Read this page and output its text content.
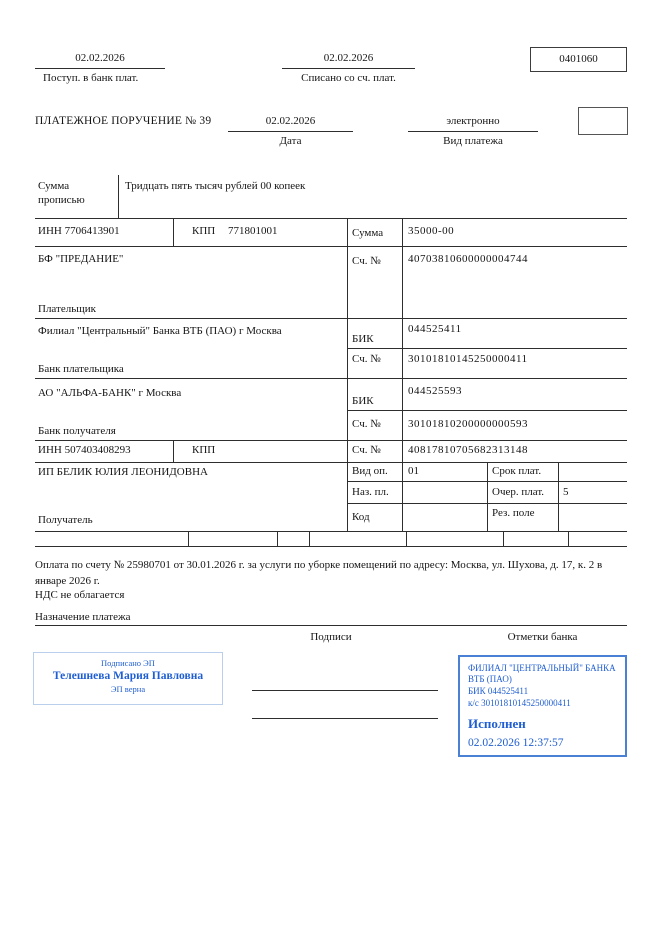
02.02.2026
Поступ. в банк плат.
02.02.2026
Списано со сч. плат.
0401060
ПЛАТЕЖНОЕ ПОРУЧЕНИЕ № 39	02.02.2026
Дата
электронно
Вид платежа
Сумма
прописью
Тридцать пять тысяч рублей 00 копеек
ИНН 7706413901	КПП 771801001	Сумма 35000-00
БФ "ПРЕДАНИЕ"	Сч. № 40703810600000004744
Плательщик
Филиал "Центральный" Банка ВТБ (ПАО) г Москва
БИК
044525411
Сч. № 30101810145250000411
Банк плательщика
АО "АЛЬФА-БАНК" г Москва
БИК
044525593
Сч. № 30101810200000000593
Банк получателя
ИНН 507403408293	КПП	Сч. № 40817810705682313148
ИП БЕЛИК ЮЛИЯ ЛЕОНИДОВНА
Получатель
Вид оп. 01	Срок плат.
Наз. пл.	Очер. плат. 5
Код	Рез. поле
Оплата по счету № 25980701 от 30.01.2026 г. за услуги по уборке помещений по адресу: Москва, ул. Шухова, д. 17, к. 2 в январе 2026 г.
НДС не облагается
Назначение платежа
Подписи	Отметки банка
Подписано ЭП
Телешнева Мария Павловна
ЭП верна
ФИЛИАЛ "ЦЕНТРАЛЬНЫЙ" БАНКА ВТБ (ПАО)
БИК 044525411
к/с 30101810145250000411
Исполнен
02.02.2026 12:37:57
